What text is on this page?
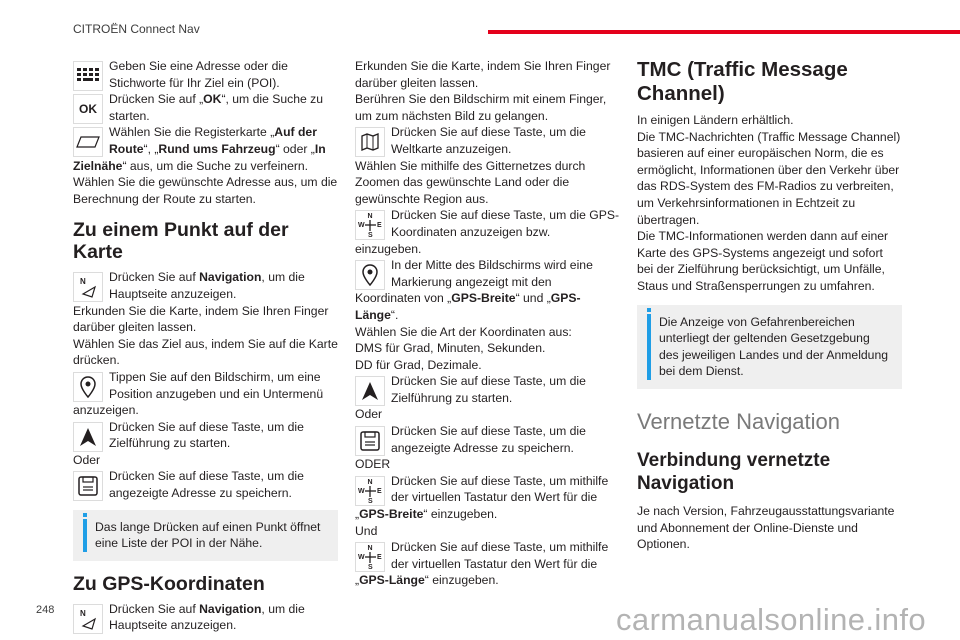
CITROËN Connect Nav
Geben Sie eine Adresse oder die Stichworte für Ihr Ziel ein (POI).
OK
Drücken Sie auf „OK“, um die Suche zu starten.
Wählen Sie die Registerkarte „Auf der Route“, „Rund ums Fahrzeug“ oder „In Zielnähe“ aus, um die Suche zu verfeinern.

Wählen Sie die gewünschte Adresse aus, um die Berechnung der Route zu starten.

Zu einem Punkt auf der Karte
N Drücken Sie auf Navigation, um die Hauptseite anzuzeigen.

Erkunden Sie die Karte, indem Sie Ihren Finger darüber gleiten lassen.

Wählen Sie das Ziel aus, indem Sie auf die Karte drücken.

Tippen Sie auf den Bildschirm, um eine Position anzugeben und ein Untermenü anzuzeigen.
Drücken Sie auf diese Taste, um die Zielführung zu starten.

Oder

Drücken Sie auf diese Taste, um die angezeigte Adresse zu speichern.
Das lange Drücken auf einen Punkt öffnet eine Liste der POI in der Nähe.
Zu GPS-Koordinaten
N Drücken Sie auf Navigation, um die Hauptseite anzuzeigen.

Erkunden Sie die Karte, indem Sie Ihren Finger darüber gleiten lassen.

Berühren Sie den Bildschirm mit einem Finger, um zum nächsten Bild zu gelangen.

Drücken Sie auf diese Taste, um die Weltkarte anzuzeigen.

Wählen Sie mithilfe des Gitternetzes durch Zoomen das gewünschte Land oder die gewünschte Region aus.

N
S
W E
Drücken Sie auf diese Taste, um die GPS-Koordinaten anzuzeigen bzw. einzugeben.
In der Mitte des Bildschirms wird eine Markierung angezeigt mit den Koordinaten von „GPS-Breite“ und „GPS-Länge“.

Wählen Sie die Art der Koordinaten aus:

DMS für Grad, Minuten, Sekunden.

DD für Grad, Dezimale.

Drücken Sie auf diese Taste, um die Zielführung zu starten.

Oder

Drücken Sie auf diese Taste, um die angezeigte Adresse zu speichern.

ODER

N
S
W E
Drücken Sie auf diese Taste, um mithilfe der virtuellen Tastatur den Wert für die „GPS-Breite“ einzugeben.

Und

N
S
W E
Drücken Sie auf diese Taste, um mithilfe der virtuellen Tastatur den Wert für die „GPS-Länge“ einzugeben.
TMC (Traffic Message Channel)

In einigen Ländern erhältlich.

Die TMC-Nachrichten (Traffic Message Channel) basieren auf einer europäischen Norm, die es ermöglicht, Informationen über den Verkehr über das RDS-System des FM-Radios zu verbreiten, um Verkehrsinformationen in Echtzeit zu übertragen.

Die TMC-Informationen werden dann auf einer Karte des GPS-Systems angezeigt und sofort bei der Zielführung berücksichtigt, um Unfälle, Staus und Straßensperrungen zu umfahren.

Die Anzeige von Gefahrenbereichen unterliegt der geltenden Gesetzgebung des jeweiligen Landes und der Anmeldung bei dem Dienst.
Vernetzte Navigation
Verbindung vernetzte Navigation

Je nach Version, Fahrzeugausstattungsvariante und Abonnement der Online-Dienste und Optionen.

248	carmanualsonline.info
